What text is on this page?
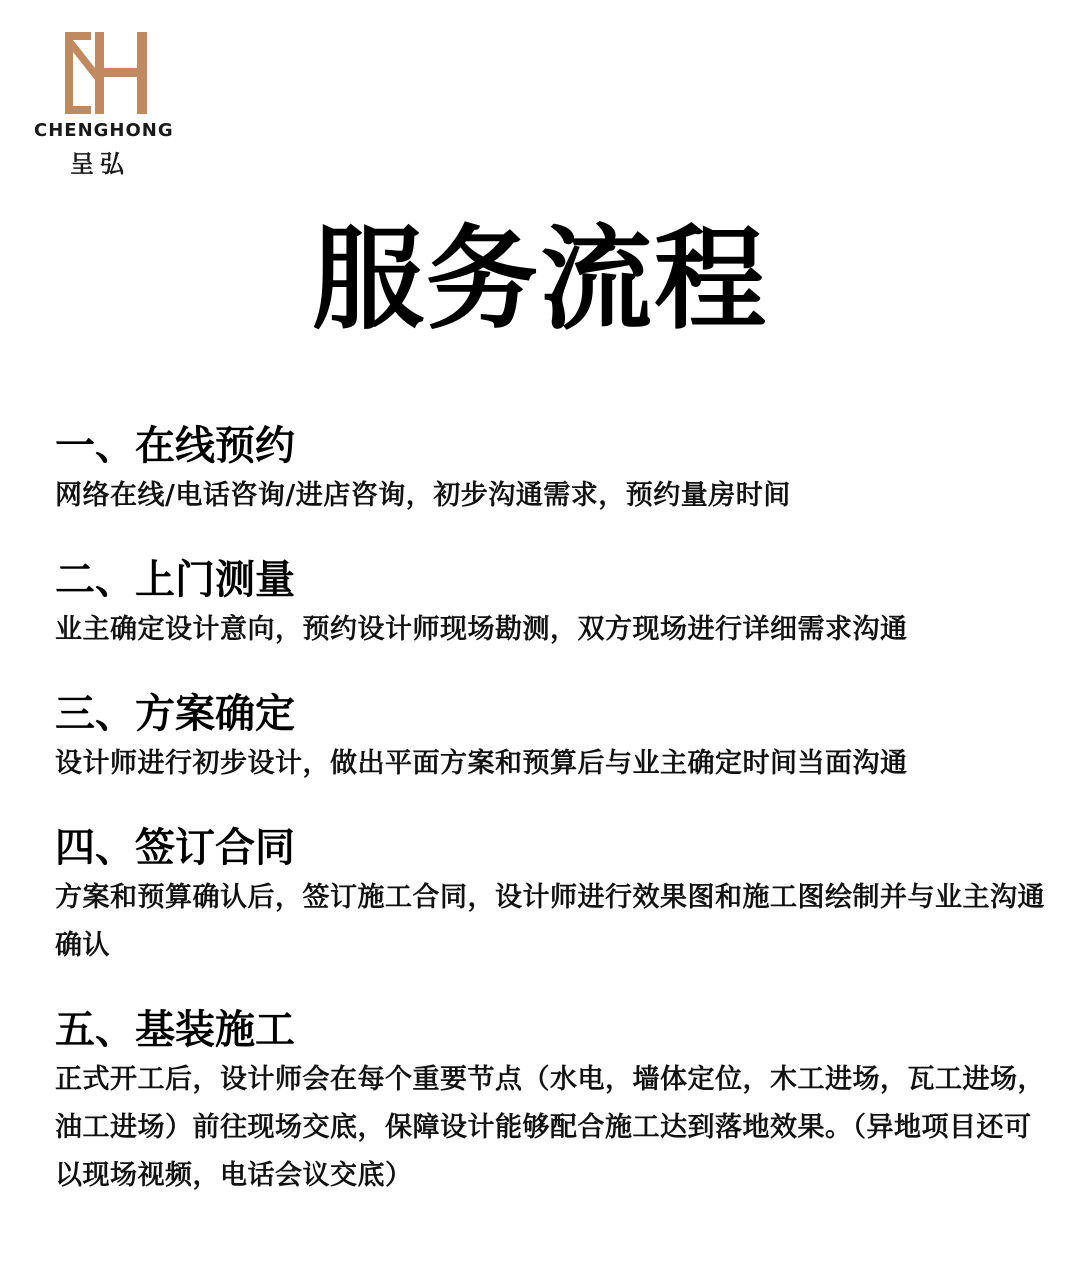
CHENGHONG
呈弘
服务流程
一、在线预约
网络在线/电话咨询/进店咨询，初步沟通需求，预约量房时间
二、上门测量
业主确定设计意向，预约设计师现场勘测，双方现场进行详细需求沟通
三、方案确定
设计师进行初步设计，做出平面方案和预算后与业主确定时间当面沟通
四、签订合同
方案和预算确认后，签订施工合同，设计师进行效果图和施工图绘制并与业主沟通确认
五、基装施工
正式开工后，设计师会在每个重要节点（水电，墙体定位，木工进场，瓦工进场，油工进场）前往现场交底，保障设计能够配合施工达到落地效果。（异地项目还可以现场视频，电话会议交底）
